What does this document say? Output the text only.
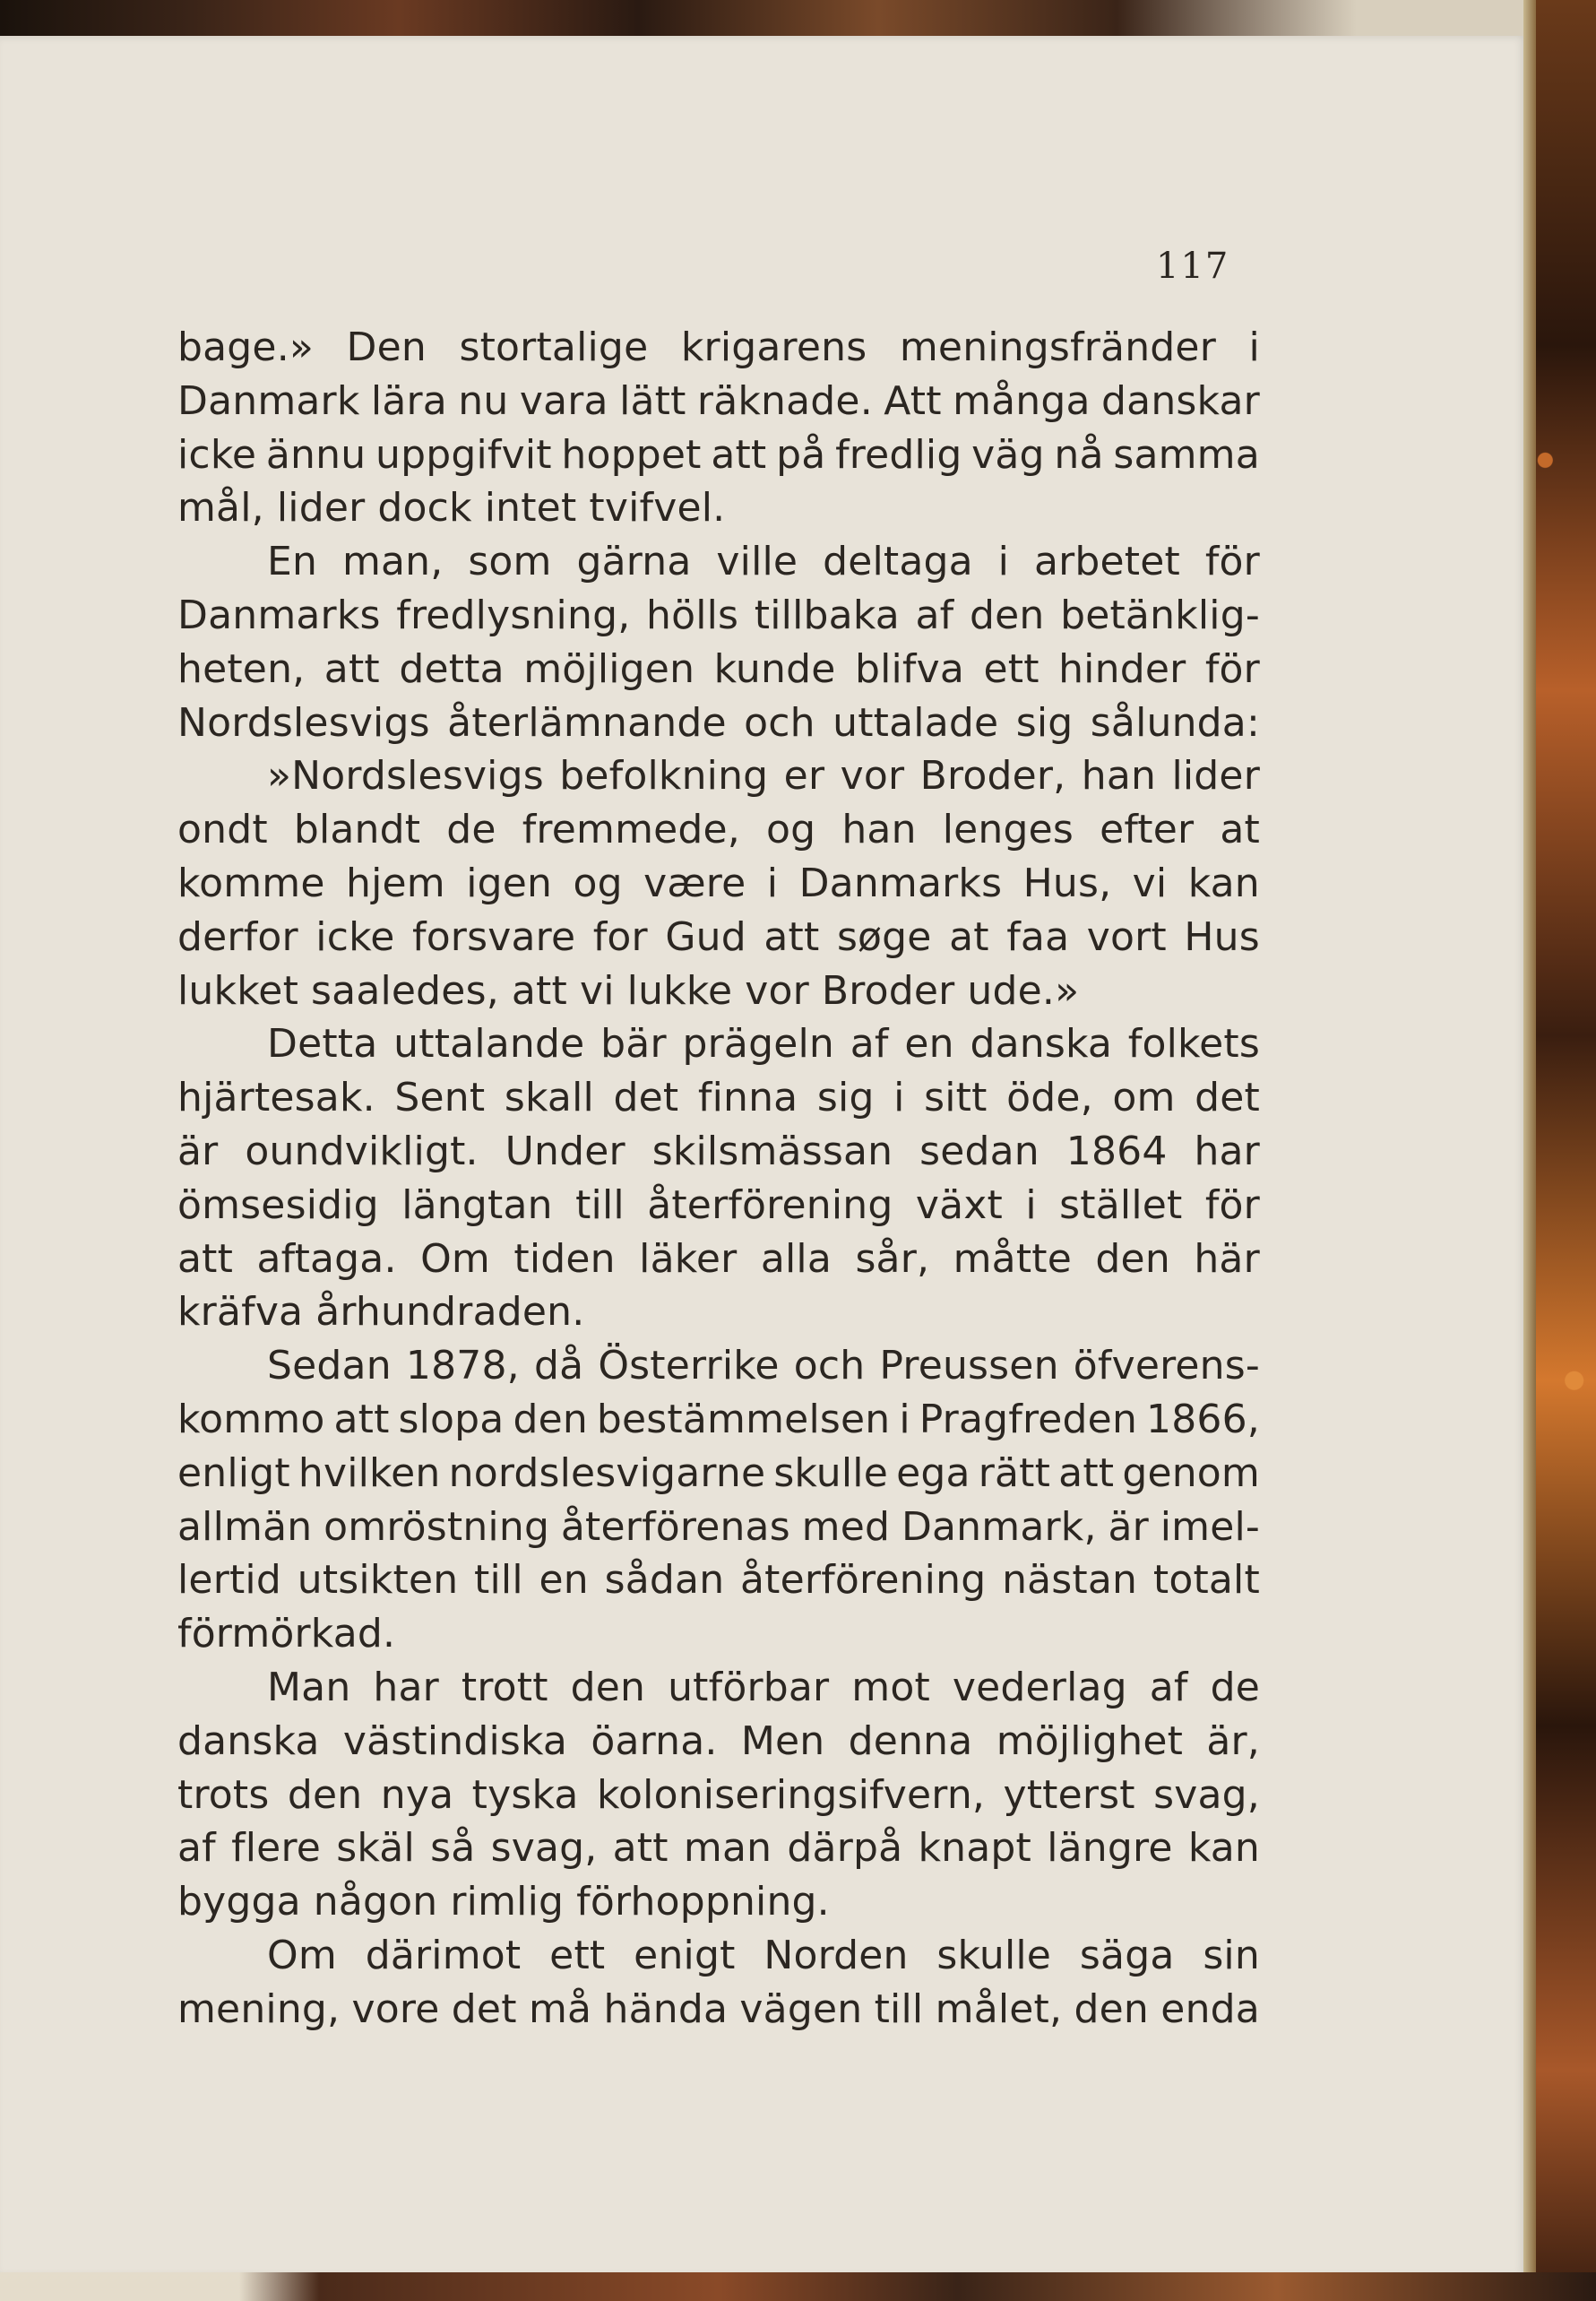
117
bage.» Den stortalige krigarens meningsfränder i
Danmark lära nu vara lätt räknade. Att många danskar
icke ännu uppgifvit hoppet att på fredlig väg nå samma
mål, lider dock intet tvifvel.
En man, som gärna ville deltaga i arbetet för
Danmarks fredlysning, hölls tillbaka af den betänklig-
heten, att detta möjligen kunde blifva ett hinder för
Nordslesvigs återlämnande och uttalade sig sålunda:
»Nordslesvigs befolkning er vor Broder, han lider
ondt blandt de fremmede, og han lenges efter at
komme hjem igen og være i Danmarks Hus, vi kan
derfor icke forsvare for Gud att søge at faa vort Hus
lukket saaledes, att vi lukke vor Broder ude.»
Detta uttalande bär prägeln af en danska folkets
hjärtesak. Sent skall det finna sig i sitt öde, om det
är oundvikligt. Under skilsmässan sedan 1864 har
ömsesidig längtan till återförening växt i stället för
att aftaga. Om tiden läker alla sår, måtte den här
kräfva århundraden.
Sedan 1878, då Österrike och Preussen öfverens-
kommo att slopa den bestämmelsen i Pragfreden 1866,
enligt hvilken nordslesvigarne skulle ega rätt att genom
allmän omröstning återförenas med Danmark, är imel-
lertid utsikten till en sådan återförening nästan totalt
förmörkad.
Man har trott den utförbar mot vederlag af de
danska västindiska öarna. Men denna möjlighet är,
trots den nya tyska koloniseringsifvern, ytterst svag,
af flere skäl så svag, att man därpå knapt längre kan
bygga någon rimlig förhoppning.
Om därimot ett enigt Norden skulle säga sin
mening, vore det må hända vägen till målet, den enda
